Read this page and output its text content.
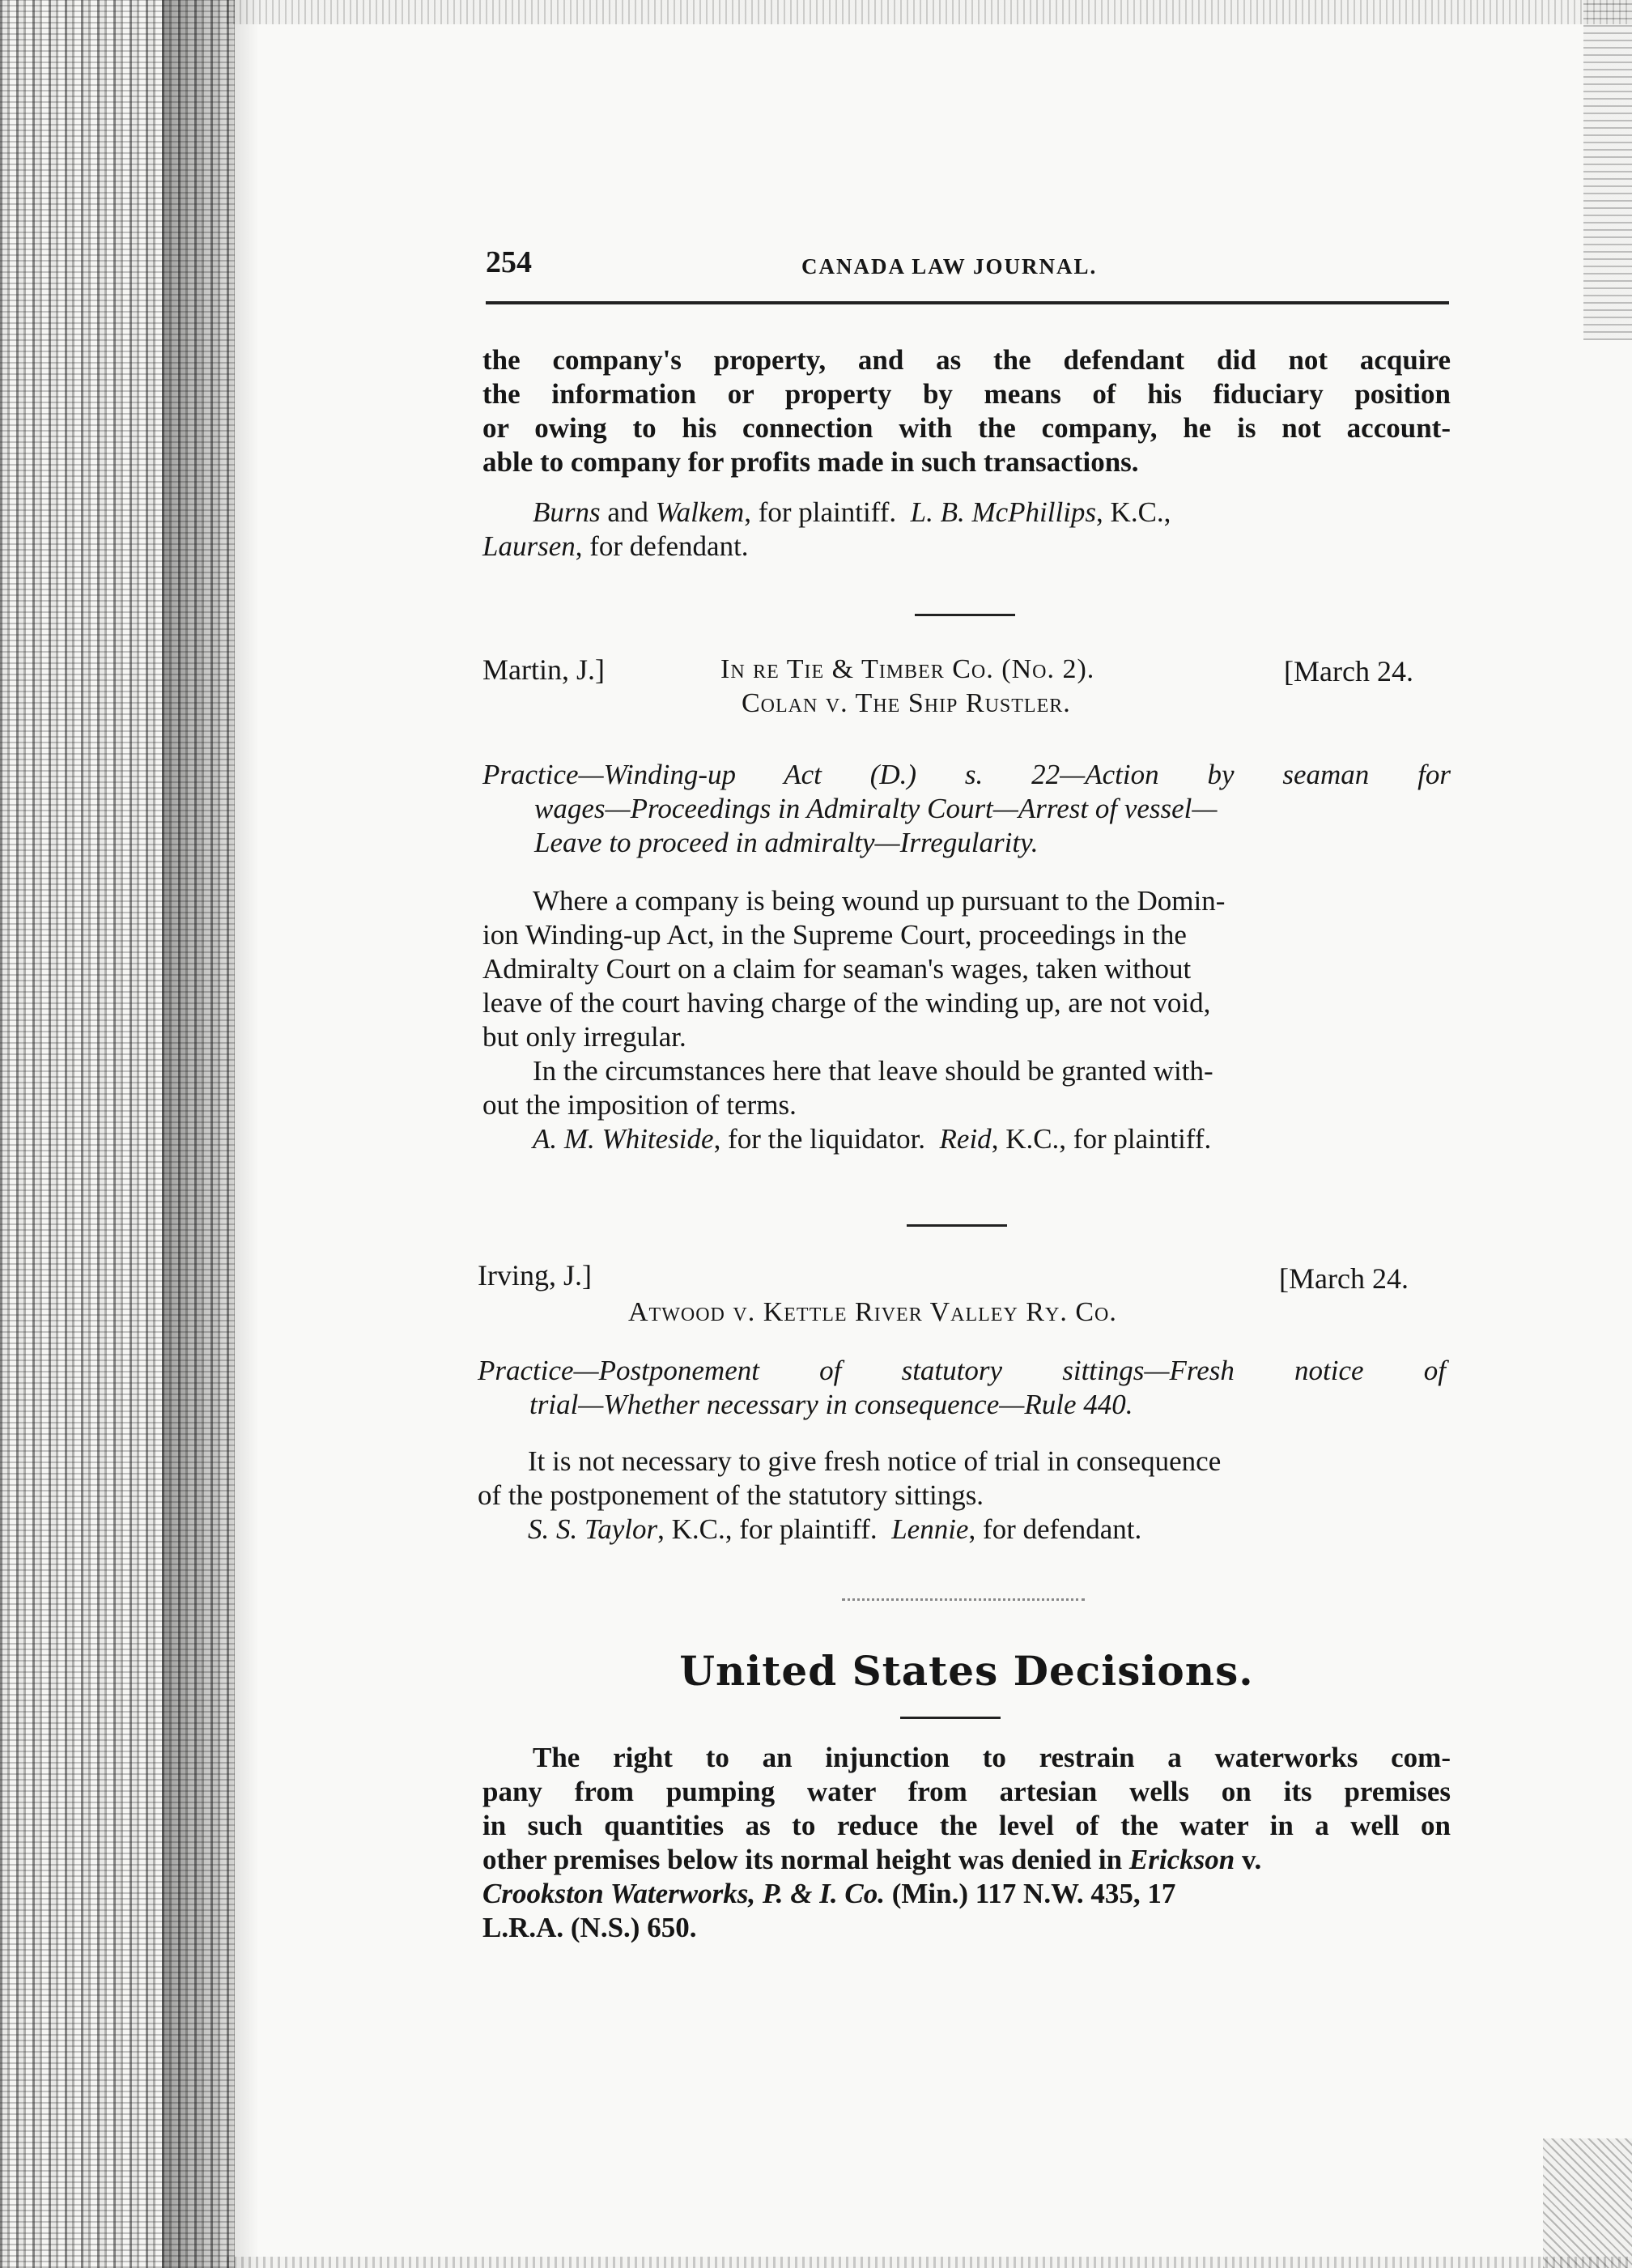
254	CANADA LAW JOURNAL.
the company's property, and as the defendant did not acquire
the information or property by means of his fiduciary position
or owing to his connection with the company, he is not account-
able to company for profits made in such transactions.
Burns and Walkem, for plaintiff.  L. B. McPhillips, K.C.,
Laursen, for defendant.
Martin, J.]	In re Tie & Timber Co. (No. 2).	[March 24.
Colan v. The Ship Rustler.
Practice—Winding-up Act (D.) s. 22—Action by seaman for
wages—Proceedings in Admiralty Court—Arrest of vessel—
Leave to proceed in admiralty—Irregularity.
Where a company is being wound up pursuant to the Domin-
ion Winding-up Act, in the Supreme Court, proceedings in the
Admiralty Court on a claim for seaman's wages, taken without
leave of the court having charge of the winding up, are not void,
but only irregular.
In the circumstances here that leave should be granted with-
out the imposition of terms.
A. M. Whiteside, for the liquidator.  Reid, K.C., for plaintiff.
Irving, J.]	[March 24.
Atwood v. Kettle River Valley Ry. Co.
Practice—Postponement of statutory sittings—Fresh notice of
trial—Whether necessary in consequence—Rule 440.
It is not necessary to give fresh notice of trial in consequence
of the postponement of the statutory sittings.
S. S. Taylor, K.C., for plaintiff.  Lennie, for defendant.
United States Decisions.
The right to an injunction to restrain a waterworks com-
pany from pumping water from artesian wells on its premises
in such quantities as to reduce the level of the water in a well on
other premises below its normal height was denied in Erickson v.
Crookston Waterworks, P. & I. Co. (Min.) 117 N.W. 435, 17
L.R.A. (N.S.) 650.
